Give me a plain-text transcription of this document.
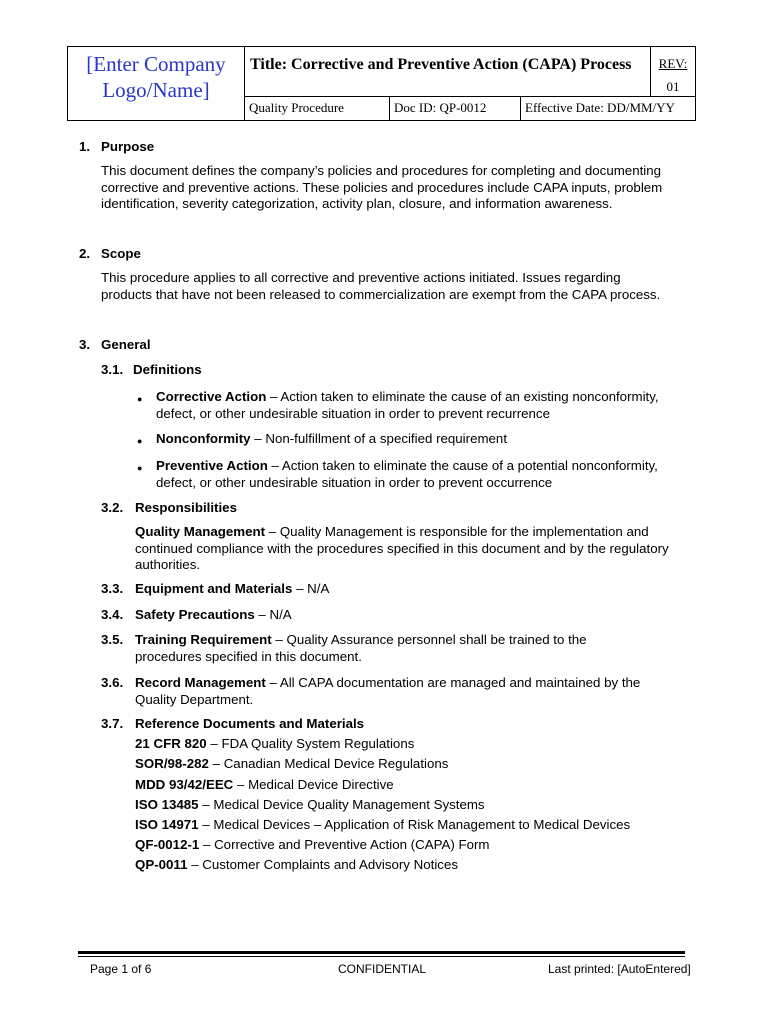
[Enter Company Logo/Name]	Title: Corrective and Preventive Action (CAPA) Process			REV:
01

	Quality Procedure	Doc ID: QP-0012	Effective Date: DD/MM/YY	
1. Purpose
This document defines the company’s policies and procedures for completing and documenting corrective and preventive actions. These policies and procedures include CAPA inputs, problem identification, severity categorization, activity plan, closure, and information awareness.
2. Scope
This procedure applies to all corrective and preventive actions initiated. Issues regarding products that have not been released to commercialization are exempt from the CAPA process.
3. General
3.1. Definitions
● Corrective Action – Action taken to eliminate the cause of an existing nonconformity, defect, or other undesirable situation in order to prevent recurrence
● Nonconformity – Non-fulfillment of a specified requirement
● Preventive Action – Action taken to eliminate the cause of a potential nonconformity, defect, or other undesirable situation in order to prevent occurrence
3.2. Responsibilities
Quality Management – Quality Management is responsible for the implementation and continued compliance with the procedures specified in this document and by the regulatory authorities.
3.3. Equipment and Materials – N/A
3.4. Safety Precautions – N/A
3.5. Training Requirement – Quality Assurance personnel shall be trained to the procedures specified in this document.
3.6. Record Management – All CAPA documentation are managed and maintained by the Quality Department.
3.7. Reference Documents and Materials
21 CFR 820 – FDA Quality System Regulations
SOR/98-282 – Canadian Medical Device Regulations
MDD 93/42/EEC – Medical Device Directive
ISO 13485 – Medical Device Quality Management Systems
ISO 14971 – Medical Devices – Application of Risk Management to Medical Devices
QF-0012-1 – Corrective and Preventive Action (CAPA) Form
QP-0011 – Customer Complaints and Advisory Notices
Page 1 of 6	CONFIDENTIAL	Last printed: [AutoEntered]
